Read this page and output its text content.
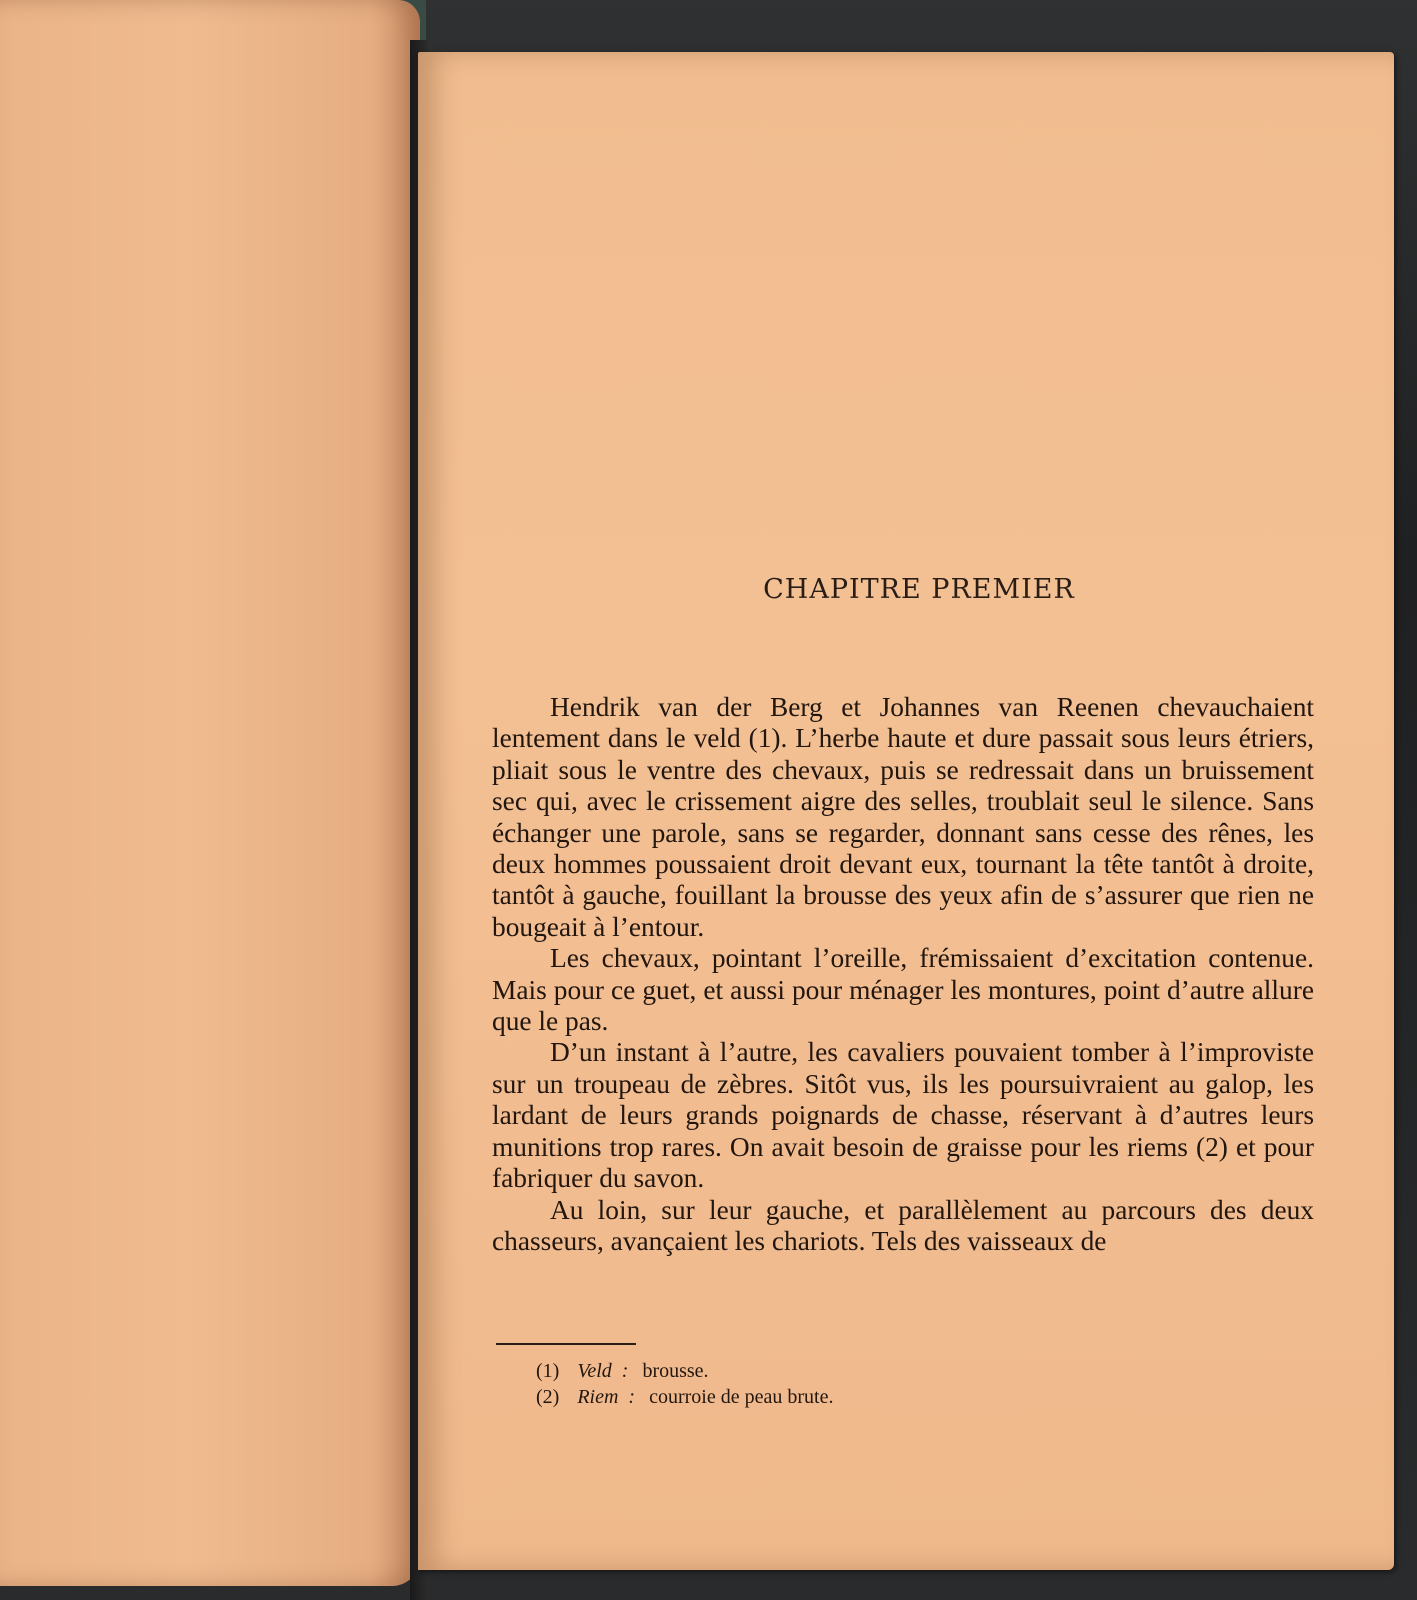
CHAPITRE PREMIER

Hendrik van der Berg et Johannes van Reenen chevauchaient lentement dans le veld (1). L’herbe haute et dure passait sous leurs étriers, pliait sous le ventre des chevaux, puis se redressait dans un bruissement sec qui, avec le crissement aigre des selles, troublait seul le silence. Sans échanger une parole, sans se regarder, donnant sans cesse des rênes, les deux hommes poussaient droit devant eux, tournant la tête tantôt à droite, tantôt à gauche, fouillant la brousse des yeux afin de s’assurer que rien ne bougeait à l’entour.

Les chevaux, pointant l’oreille, frémissaient d’excitation contenue. Mais pour ce guet, et aussi pour ménager les montures, point d’autre allure que le pas.

D’un instant à l’autre, les cavaliers pouvaient tomber à l’improviste sur un troupeau de zèbres. Sitôt vus, ils les poursuivraient au galop, les lardant de leurs grands poignards de chasse, réservant à d’autres leurs munitions trop rares. On avait besoin de graisse pour les riems (2) et pour fabriquer du savon.

Au loin, sur leur gauche, et parallèlement au parcours des deux chasseurs, avançaient les chariots. Tels des vaisseaux de

(1) Veld : brousse.
(2) Riem : courroie de peau brute.
